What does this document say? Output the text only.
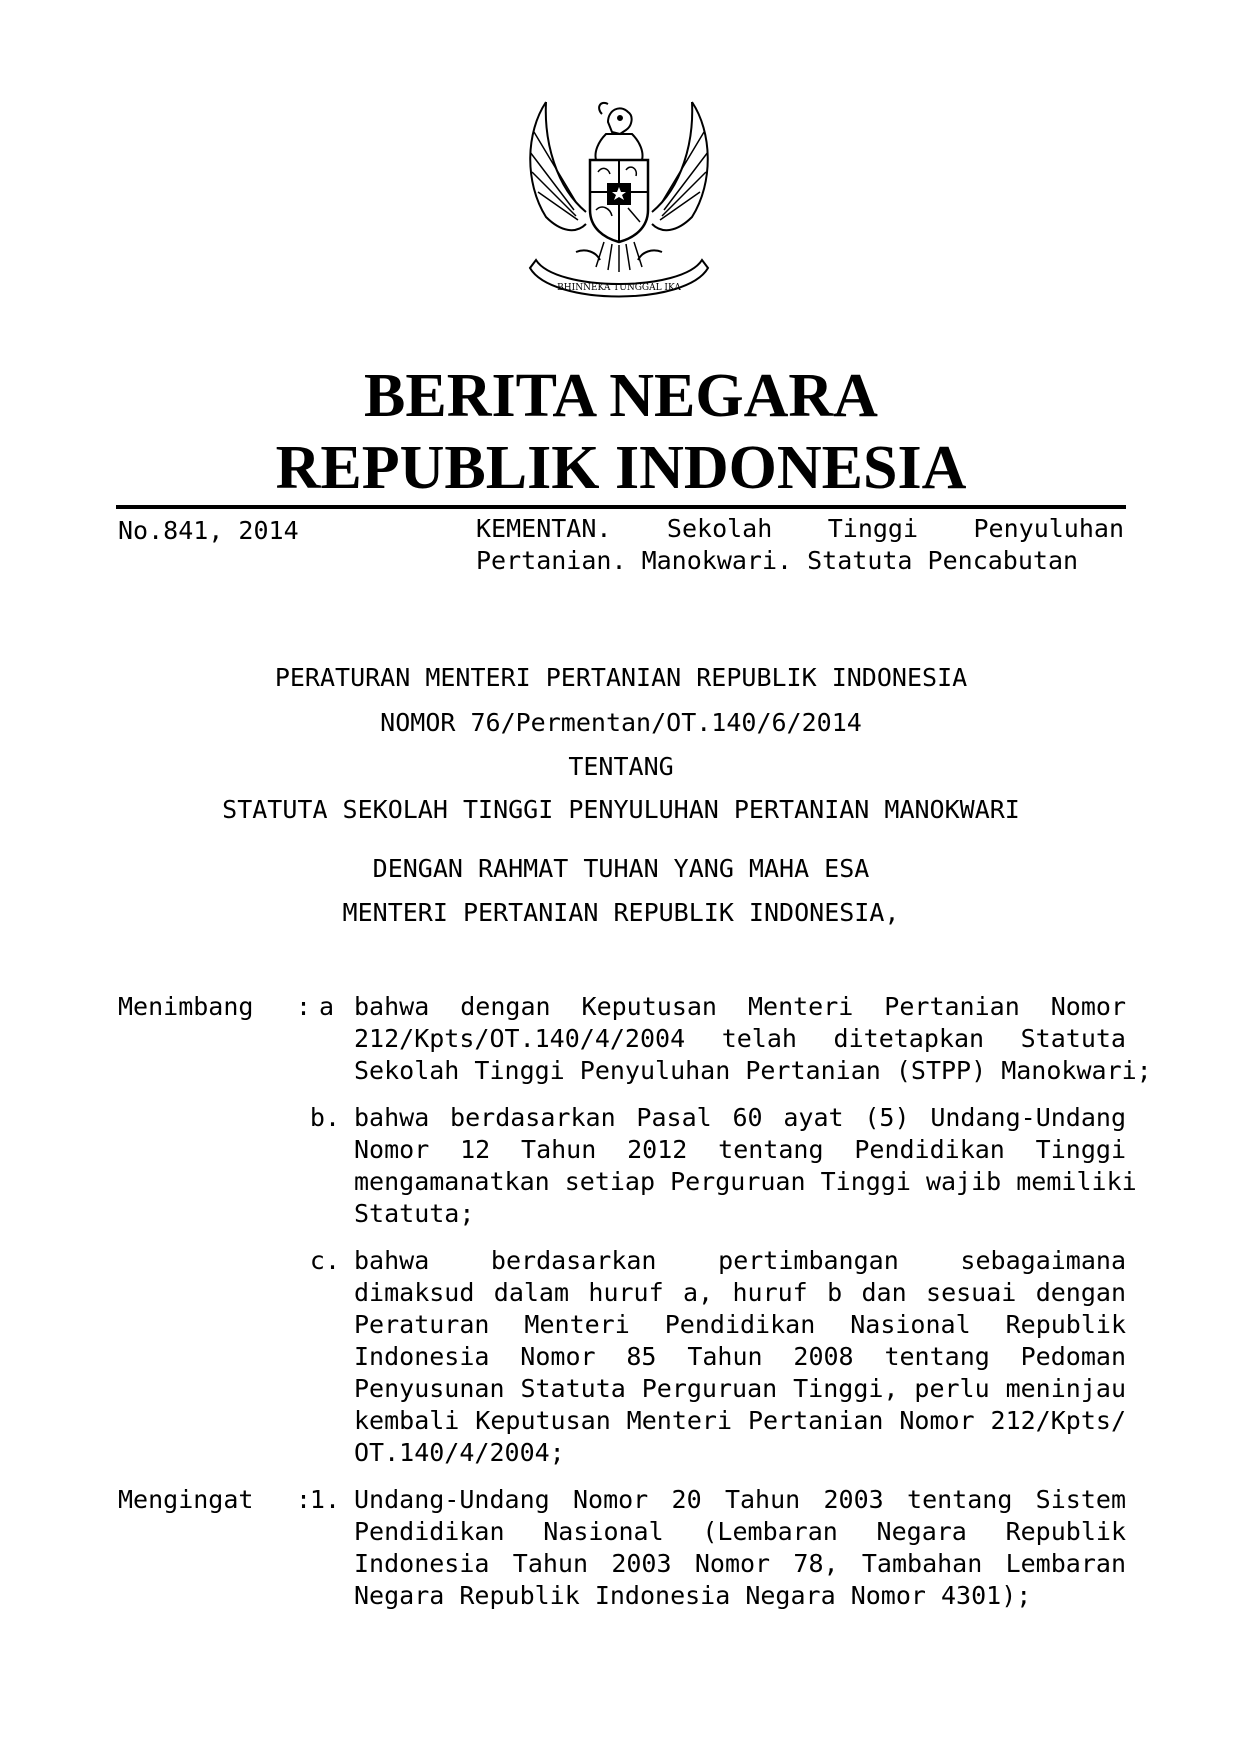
BHINNEKA TUNGGAL IKA
BERITA NEGARA
REPUBLIK INDONESIA
No.841, 2014	KEMENTAN. Sekolah Tinggi Penyuluhan
Pertanian. Manokwari. Statuta Pencabutan
PERATURAN MENTERI PERTANIAN REPUBLIK INDONESIA
NOMOR 76/Permentan/OT.140/6/2014
TENTANG
STATUTA SEKOLAH TINGGI PENYULUHAN PERTANIAN MANOKWARI
DENGAN RAHMAT TUHAN YANG MAHA ESA
MENTERI PERTANIAN REPUBLIK INDONESIA,
Menimbang : a bahwa dengan Keputusan Menteri Pertanian Nomor
212/Kpts/OT.140/4/2004 telah ditetapkan Statuta
Sekolah Tinggi Penyuluhan Pertanian (STPP) Manokwari;
b. bahwa berdasarkan Pasal 60 ayat (5) Undang-Undang
Nomor 12 Tahun 2012 tentang Pendidikan Tinggi
mengamanatkan setiap Perguruan Tinggi wajib memiliki
Statuta;
c. bahwa berdasarkan pertimbangan sebagaimana
dimaksud dalam huruf a, huruf b dan sesuai dengan
Peraturan Menteri Pendidikan Nasional Republik
Indonesia Nomor 85 Tahun 2008 tentang Pedoman
Penyusunan Statuta Perguruan Tinggi, perlu meninjau
kembali Keputusan Menteri Pertanian Nomor 212/Kpts/
OT.140/4/2004;
Mengingat :
1. Undang-Undang Nomor 20 Tahun 2003 tentang Sistem
Pendidikan Nasional (Lembaran Negara Republik
Indonesia Tahun 2003 Nomor 78, Tambahan Lembaran
Negara Republik Indonesia Negara Nomor 4301);
